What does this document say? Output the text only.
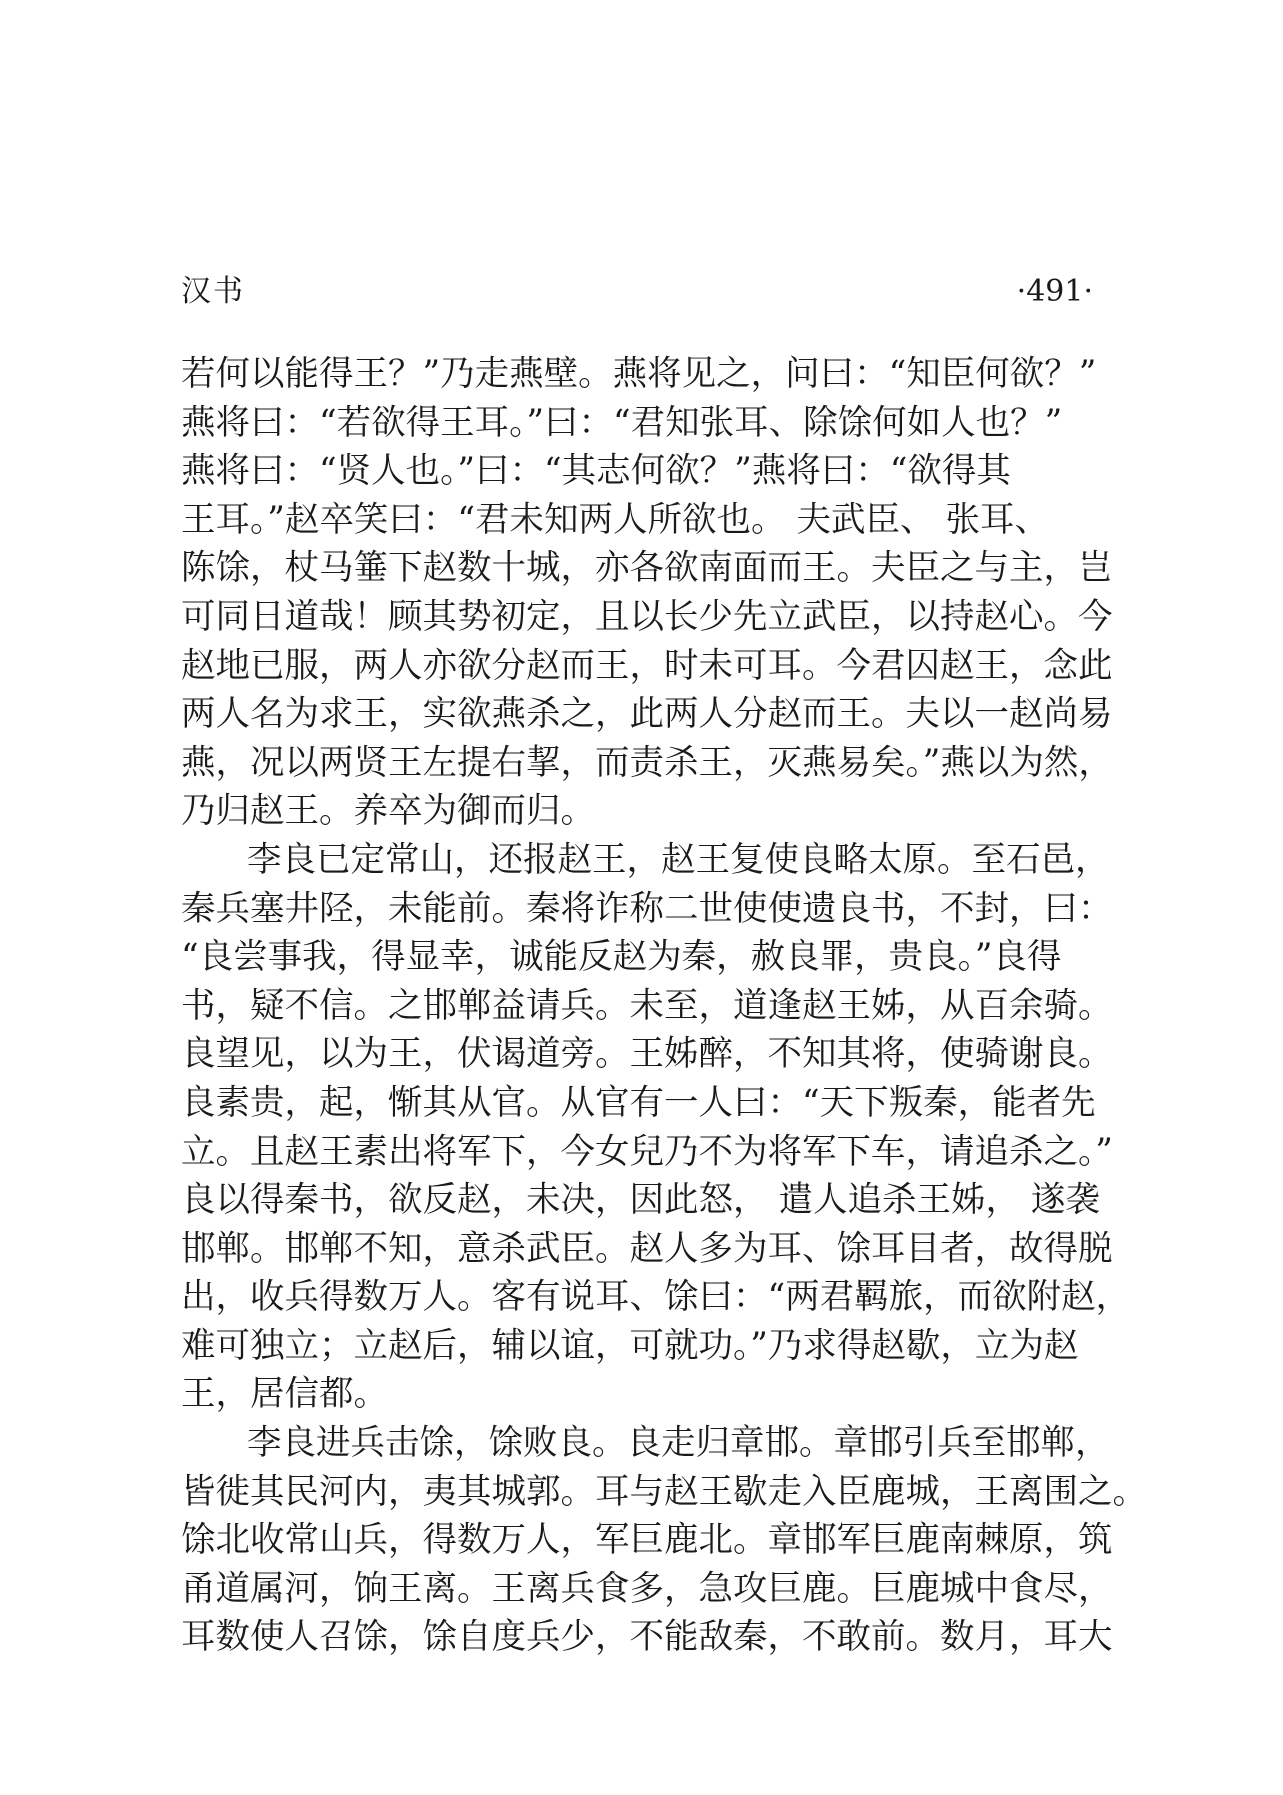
汉书	·491·
若何以能得王？”乃走燕壁。燕将见之，问曰：“知臣何欲？”
燕将曰：“若欲得王耳。”曰：“君知张耳、除馀何如人也？”
燕将曰：“贤人也。”曰：“其志何欲？”燕将曰：“欲得其
王耳。”赵卒笑曰：“君未知两人所欲也。 夫武臣、 张耳、
陈馀，杖马箠下赵数十城，亦各欲南面而王。夫臣之与主，岂
可同日道哉！顾其势初定，且以长少先立武臣，以持赵心。今
赵地已服，两人亦欲分赵而王，时未可耳。今君囚赵王，念此
两人名为求王，实欲燕杀之，此两人分赵而王。夫以一赵尚易
燕，况以两贤王左提右挈，而责杀王，灭燕易矣。”燕以为然，
乃归赵王。养卒为御而归。
李良已定常山，还报赵王，赵王复使良略太原。至石邑，
秦兵塞井陉，未能前。秦将诈称二世使使遗良书，不封，曰：
“良尝事我，得显幸，诚能反赵为秦，赦良罪，贵良。”良得
书，疑不信。之邯郸益请兵。未至，道逢赵王姊，从百余骑。
良望见，以为王，伏谒道旁。王姊醉，不知其将，使骑谢良。
良素贵，起，惭其从官。从官有一人曰：“天下叛秦，能者先
立。且赵王素出将军下，今女兒乃不为将军下车，请追杀之。”
良以得秦书，欲反赵，未决，因此怒， 遣人追杀王姊， 遂袭
邯郸。邯郸不知，意杀武臣。赵人多为耳、馀耳目者，故得脱
出，收兵得数万人。客有说耳、馀曰：“两君羁旅，而欲附赵，
难可独立；立赵后，辅以谊，可就功。”乃求得赵歇，立为赵
王，居信都。
李良进兵击馀，馀败良。良走归章邯。章邯引兵至邯郸，
皆徙其民河内，夷其城郭。耳与赵王歇走入臣鹿城，王离围之。
馀北收常山兵，得数万人，军巨鹿北。章邯军巨鹿南棘原，筑
甬道属河，饷王离。王离兵食多，急攻巨鹿。巨鹿城中食尽，
耳数使人召馀，馀自度兵少，不能敌秦，不敢前。数月，耳大
